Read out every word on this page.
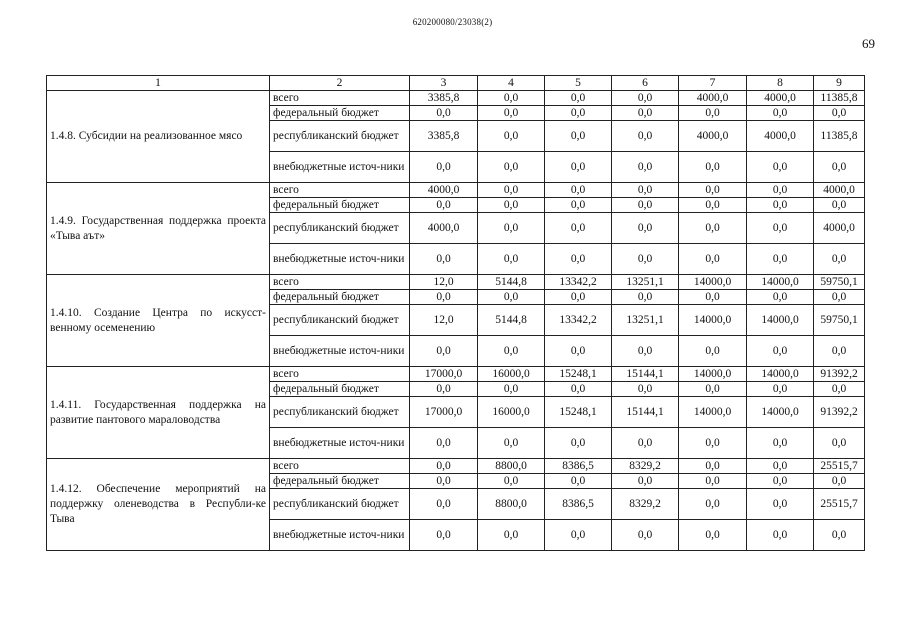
620200080/23038(2)
69
1	2	3	4	5	6	7	8	9
1.4.8. Субсидии на реализованное мясо	всего	3385,8	0,0	0,0	0,0	4000,0	4000,0	11385,8
	федеральный бюджет	0,0	0,0	0,0	0,0	0,0	0,0	0,0
	республиканский бюджет	3385,8	0,0	0,0	0,0	4000,0	4000,0	11385,8
	внебюджетные источ-ники	0,0	0,0	0,0	0,0	0,0	0,0	0,0
1.4.9. Государственная поддержка проекта «Тыва аът»	всего	4000,0	0,0	0,0	0,0	0,0	0,0	4000,0
	федеральный бюджет	0,0	0,0	0,0	0,0	0,0	0,0	0,0
	республиканский бюджет	4000,0	0,0	0,0	0,0	0,0	0,0	4000,0
	внебюджетные источ-ники	0,0	0,0	0,0	0,0	0,0	0,0	0,0
1.4.10. Создание Центра по искусст-венному осеменению	всего	12,0	5144,8	13342,2	13251,1	14000,0	14000,0	59750,1
	федеральный бюджет	0,0	0,0	0,0	0,0	0,0	0,0	0,0
	республиканский бюджет	12,0	5144,8	13342,2	13251,1	14000,0	14000,0	59750,1
	внебюджетные источ-ники	0,0	0,0	0,0	0,0	0,0	0,0	0,0
1.4.11. Государственная поддержка на развитие пантового мараловодства	всего	17000,0	16000,0	15248,1	15144,1	14000,0	14000,0	91392,2
	федеральный бюджет	0,0	0,0	0,0	0,0	0,0	0,0	0,0
	республиканский бюджет	17000,0	16000,0	15248,1	15144,1	14000,0	14000,0	91392,2
	внебюджетные источ-ники	0,0	0,0	0,0	0,0	0,0	0,0	0,0
1.4.12. Обеспечение мероприятий на поддержку оленеводства в Республи-ке Тыва	всего	0,0	8800,0	8386,5	8329,2	0,0	0,0	25515,7
	федеральный бюджет	0,0	0,0	0,0	0,0	0,0	0,0	0,0
	республиканский бюджет	0,0	8800,0	8386,5	8329,2	0,0	0,0	25515,7
	внебюджетные источ-ники	0,0	0,0	0,0	0,0	0,0	0,0	0,0
